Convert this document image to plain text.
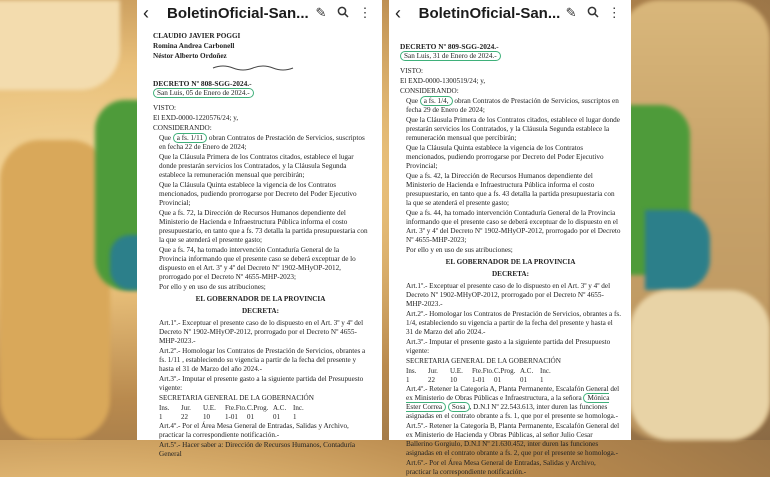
‹	BoletinOficial-San... ✎	⋮

CLAUDIO JAVIER POGGI

Romina Andrea Carbonell

Néstor Alberto Ordoñez

DECRETO Nº 808-SGG-2024.-

San Luis, 05 de Enero de 2024.-

VISTO:

El EXD-0000-1220576/24; y,

CONSIDERANDO:

Que a fs. 1/11 obran Contratos de Prestación de Servicios, suscriptos en fecha 22 de Enero de 2024;

Que la Cláusula Primera de los Contratos citados, establece el lugar donde prestarán servicios los Contratados, y la Cláusula Segunda establece la remuneración mensual que percibirán;

Que la Cláusula Quinta establece la vigencia de los Contratos mencionados, pudiendo prorrogarse por Decreto del Poder Ejecutivo Provincial;

Que a fs. 72, la Dirección de Recursos Humanos dependiente del Ministerio de Hacienda e Infraestructura Pública informa el costo presupuestario, en tanto que a fs. 73 detalla la partida presupuestaria con la que se atenderá el presente gasto;

Que a fs. 74, ha tomado intervención Contaduría General de la Provincia informando que el presente caso se deberá exceptuar de lo dispuesto en el Art. 3º y 4º del Decreto Nº 1902-MHyOP-2012, prorrogado por el Decreto Nº 4655-MHP-2023;

Por ello y en uso de sus atribuciones;

EL GOBERNADOR DE LA PROVINCIA

DECRETA:

Art.1º.- Exceptuar el presente caso de lo dispuesto en el Art. 3º y 4º del Decreto Nº 1902-MHyOP-2012, prorrogado por el Decreto Nº 4655-MHP-2023.-

Art.2º.- Homologar los Contratos de Prestación de Servicios, obrantes a fs. 1/11 , estableciendo su vigencia a partir de la fecha del presente y hasta el 31 de Marzo del año 2024.-

Art.3º.- Imputar el presente gasto a la siguiente partida del Presupuesto vigente:

SECRETARIA GENERAL DE LA GOBERNACIÓN

Ins.	Jur.	U.E.	Fte.Fto. C.Prog. A.C. Inc.
1	22	10	1-01	01	01	1

Art.4º.- Por el Área Mesa General de Entradas, Salidas y Archivo, practicar la correspondiente notificación.-

Art.5º.- Hacer saber a: Dirección de Recursos Humanos, Contaduría General

‹	BoletinOficial-San... ✎	⋮

DECRETO Nº 809-SGG-2024.-

San Luis, 31 de Enero de 2024.-

VISTO:

El EXD-0000-1300519/24; y,

CONSIDERANDO:

Que a fs. 1/4, obran Contratos de Prestación de Servicios, suscriptos en fecha 29 de Enero de 2024;

Que la Cláusula Primera de los Contratos citados, establece el lugar donde prestarán servicios los Contratados, y la Cláusula Segunda establece la remuneración mensual que percibirán;

Que la Cláusula Quinta establece la vigencia de los Contratos mencionados, pudiendo prorrogarse por Decreto del Poder Ejecutivo Provincial;

Que a fs. 42, la Dirección de Recursos Humanos dependiente del Ministerio de Hacienda e Infraestructura Pública informa el costo presupuestario, en tanto que a fs. 43 detalla la partida presupuestaria con la que se atenderá el presente gasto;

Que a fs. 44, ha tomado intervención Contaduría General de la Provincia informando que el presente caso se deberá exceptuar de lo dispuesto en el Art. 3º y 4º del Decreto Nº 1902-MHyOP-2012, prorrogado por el Decreto Nº 4655-MHP-2023;

Por ello y en uso de sus atribuciones;

EL GOBERNADOR DE LA PROVINCIA

DECRETA:

Art.1º.- Exceptuar el presente caso de lo dispuesto en el Art. 3º y 4º del Decreto Nº 1902-MHyOP-2012, prorrogado por el Decreto Nº 4655-MHP-2023.-

Art.2º.- Homologar los Contratos de Prestación de Servicios, obrantes a fs. 1/4, estableciendo su vigencia a partir de la fecha del presente y hasta el 31 de Marzo del año 2024.-

Art.3º.- Imputar el presente gasto a la siguiente partida del Presupuesto vigente:

SECRETARIA GENERAL DE LA GOBERNACIÓN

Ins.	Jur.	U.E.	Fte.Fto. C.Prog. A.C. Inc.
1	22	10	1-01	01	01	1

Art.4º.- Retener la Categoría A, Planta Permanente, Escalafón General del ex Ministerio de Obras Públicas e Infraestructura, a la señora Mónica Ester Correa Sosa , D.N.I Nº 22.543.613, inter duren las funciones asignadas en el contrato obrante a fs. 1, que por el presente se homologa.-

Art.5º.- Retener la Categoría B, Planta Permanente, Escalafón General del ex Ministerio de Hacienda y Obras Públicas, al señor Julio Cesar Ballerino Gorgiulo, D.N.I Nº 21.630.452, inter duren las funciones asignadas en el contrato obrante a fs. 2, que por el presente se homologa.-

Art.6º.- Por el Área Mesa General de Entradas, Salidas y Archivo, practicar la correspondiente notificación.-
